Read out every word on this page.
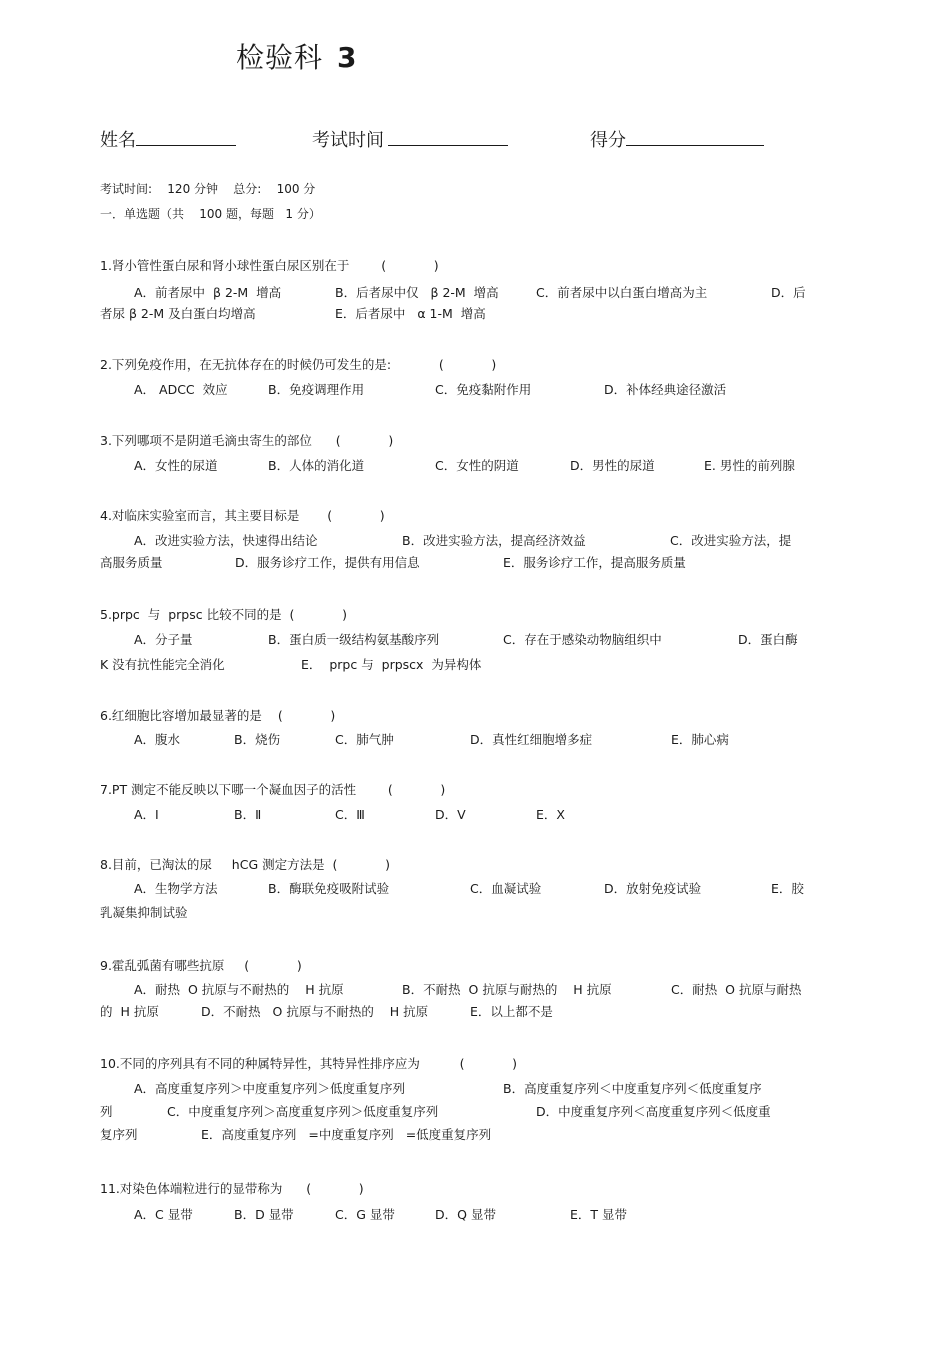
检验科 3
姓名	考试时间	得分
考试时间:    120 分钟    总分:    100 分
一．单选题（共    100 题，每题   1 分）
1.肾小管性蛋白尿和肾小球性蛋白尿区别在于        (            )
A．前者尿中  β 2-M  增高	B．后者尿中仅   β 2-M  增高	C．前者尿中以白蛋白增高为主	D．后
者尿 β 2-M 及白蛋白均增高	E．后者尿中   α 1-M  增高
2.下列免疫作用，在无抗体存在的时候仍可发生的是:            (            )
A． ADCC  效应	B．免疫调理作用	C．免疫黏附作用	D．补体经典途径激活
3.下列哪项不是阴道毛滴虫寄生的部位      (            )
A．女性的尿道	B．人体的消化道	C．女性的阴道	D．男性的尿道	E. 男性的前列腺
4.对临床实验室而言，其主要目标是       (            )
A．改进实验方法，快速得出结论	B．改进实验方法，提高经济效益	C．改进实验方法，提
高服务质量	D．服务诊疗工作，提供有用信息	E．服务诊疗工作，提高服务质量
5.prpc  与  prpsc 比较不同的是  (            )
A．分子量	B．蛋白质一级结构氨基酸序列	C．存在于感染动物脑组织中	D．蛋白酶
K 没有抗性能完全消化	E．  prpc 与  prpscx  为异构体
6.红细胞比容增加最显著的是    (            )
A．腹水	B．烧伤	C．肺气肿	D．真性红细胞增多症	E．肺心病
7.PT 测定不能反映以下哪一个凝血因子的活性        (            )
A．Ⅰ	B．Ⅱ	C．Ⅲ	D．Ⅴ	E．Ⅹ
8.目前，已淘汰的尿     hCG 测定方法是  (            )
A．生物学方法	B．酶联免疫吸附试验	C．血凝试验	D．放射免疫试验	E．胶
乳凝集抑制试验
9.霍乱弧菌有哪些抗原     (            )
A．耐热  O 抗原与不耐热的    H 抗原	B．不耐热  O 抗原与耐热的    H 抗原	C．耐热  O 抗原与耐热
的  H 抗原	D．不耐热   O 抗原与不耐热的    H 抗原	E．以上都不是
10.不同的序列具有不同的种属特异性，其特异性排序应为          (            )
A．高度重复序列＞中度重复序列＞低度重复序列	B．高度重复序列＜中度重复序列＜低度重复序
列	C．中度重复序列＞高度重复序列＞低度重复序列	D．中度重复序列＜高度重复序列＜低度重
复序列	E．高度重复序列   =中度重复序列   =低度重复序列
11.对染色体端粒进行的显带称为      (            )
A．C 显带	B．D 显带	C．G 显带	D．Q 显带	E．T 显带
